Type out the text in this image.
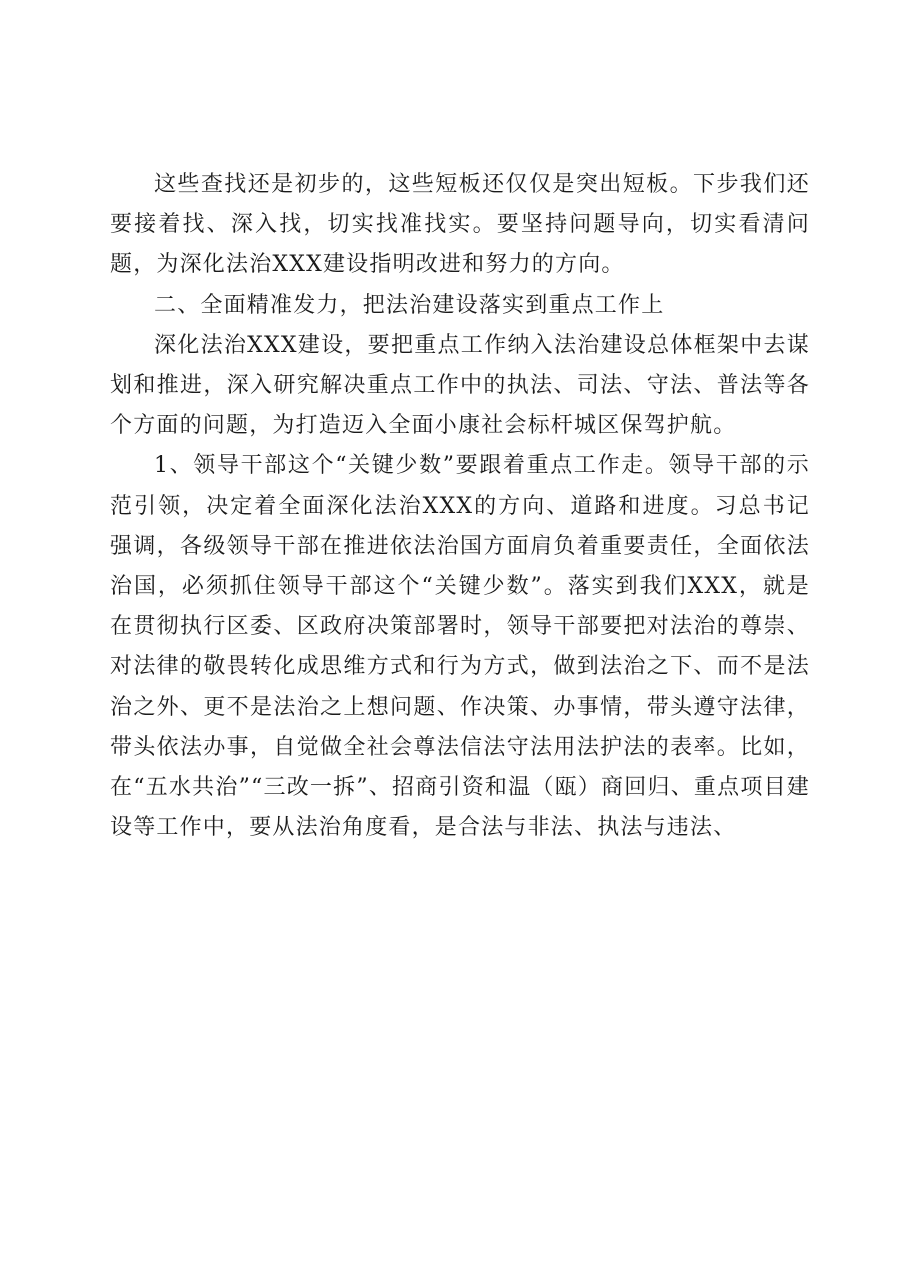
这些查找还是初步的，这些短板还仅仅是突出短板。下步我们还要接着找、深入找，切实找准找实。要坚持问题导向，切实看清问题，为深化法治XXX建设指明改进和努力的方向。

二、全面精准发力，把法治建设落实到重点工作上

深化法治XXX建设，要把重点工作纳入法治建设总体框架中去谋划和推进，深入研究解决重点工作中的执法、司法、守法、普法等各个方面的问题，为打造迈入全面小康社会标杆城区保驾护航。

1、领导干部这个“关键少数”要跟着重点工作走。领导干部的示范引领，决定着全面深化法治XXX的方向、道路和进度。习总书记强调，各级领导干部在推进依法治国方面肩负着重要责任，全面依法治国，必须抓住领导干部这个“关键少数”。落实到我们XXX，就是在贯彻执行区委、区政府决策部署时，领导干部要把对法治的尊崇、对法律的敬畏转化成思维方式和行为方式，做到法治之下、而不是法治之外、更不是法治之上想问题、作决策、办事情，带头遵守法律，带头依法办事，自觉做全社会尊法信法守法用法护法的表率。比如，在“五水共治”“三改一拆”、招商引资和温（瓯）商回归、重点项目建设等工作中，要从法治角度看，是合法与非法、执法与违法、
